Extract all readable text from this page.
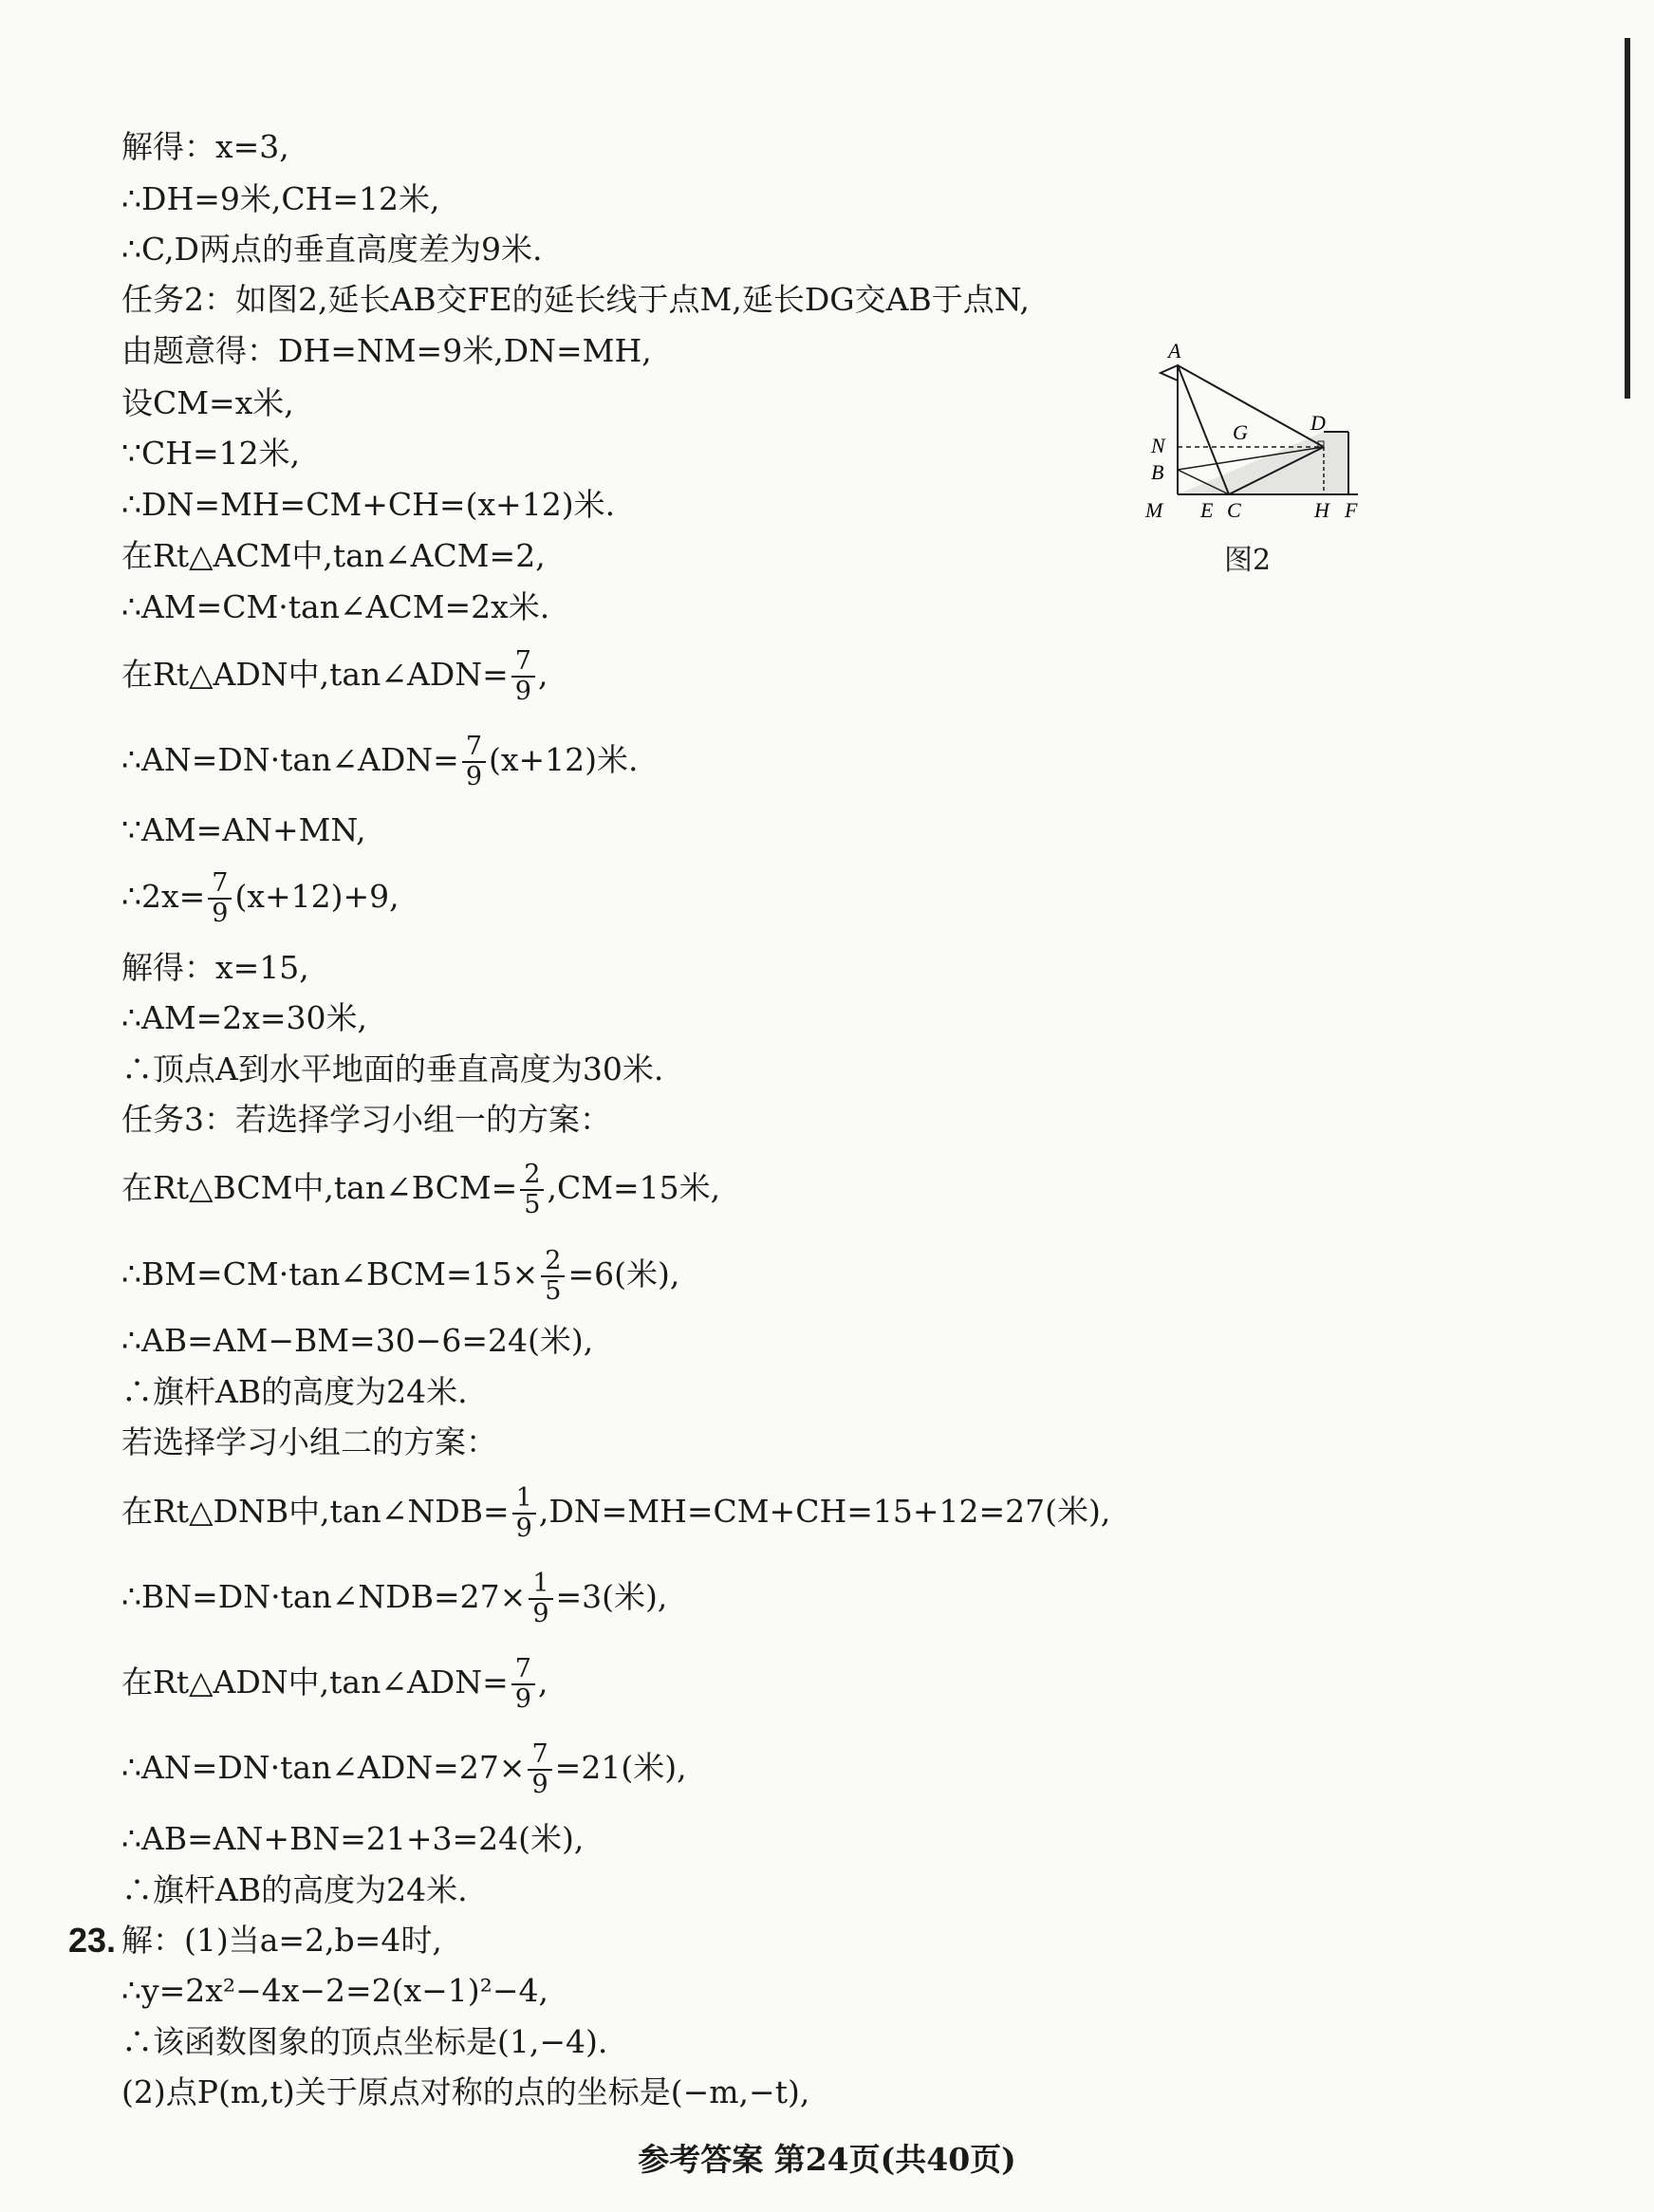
解得：x=3,
∴DH=9米,CH=12米,
∴C,D两点的垂直高度差为9米.
任务2：如图2,延长AB交FE的延长线于点M,延长DG交AB于点N,
由题意得：DH=NM=9米,DN=MH,
设CM=x米,
∵CH=12米,
∴DN=MH=CM+CH=(x+12)米.
在Rt△ACM中,tan∠ACM=2,
∴AM=CM·tan∠ACM=2x米.
在Rt△ADN中,tan∠ADN= $\frac{7}{9}$ ,
∴AN=DN·tan∠ADN= $\frac{7}{9} (x+12)$米.
∵AM=AN+MN,
∴2x= $\frac{7}{9} (x+12)+9$,
解得：x=15,
∴AM=2x=30米,
∴顶点A到水平地面的垂直高度为30米.
任务3：若选择学习小组一的方案：
在Rt△BCM中,tan∠BCM= $\frac{2}{5} ,CM=15$米,
∴BM=CM·tan∠BCM=15× $\frac{2}{5} =6$(米),
∴AB=AM−BM=30−6=24(米),
∴旗杆AB的高度为24米.
若选择学习小组二的方案：
在Rt△DNB中,tan∠NDB= $\frac{1}{9} ,DN=MH=CM+CH=15+12=27$(米),
∴BN=DN·tan∠NDB=27× $\frac{1}{9} =3$(米),
在Rt△ADN中,tan∠ADN= $\frac{7}{9}$ ,
∴AN=DN·tan∠ADN=27× $\frac{7}{9} =21$(米),
∴AB=AN+BN=21+3=24(米),
∴旗杆AB的高度为24米.
23. 解：(1)当a=2,b=4时,
∴y=2x²−4x−2=2(x−1)²−4,
∴该函数图象的顶点坐标是(1,−4).
(2)点P(m,t)关于原点对称的点的坐标是(−m,−t),
A
N
B
M E C
G	D
H F
图2
参考答案 第24页(共40页)
